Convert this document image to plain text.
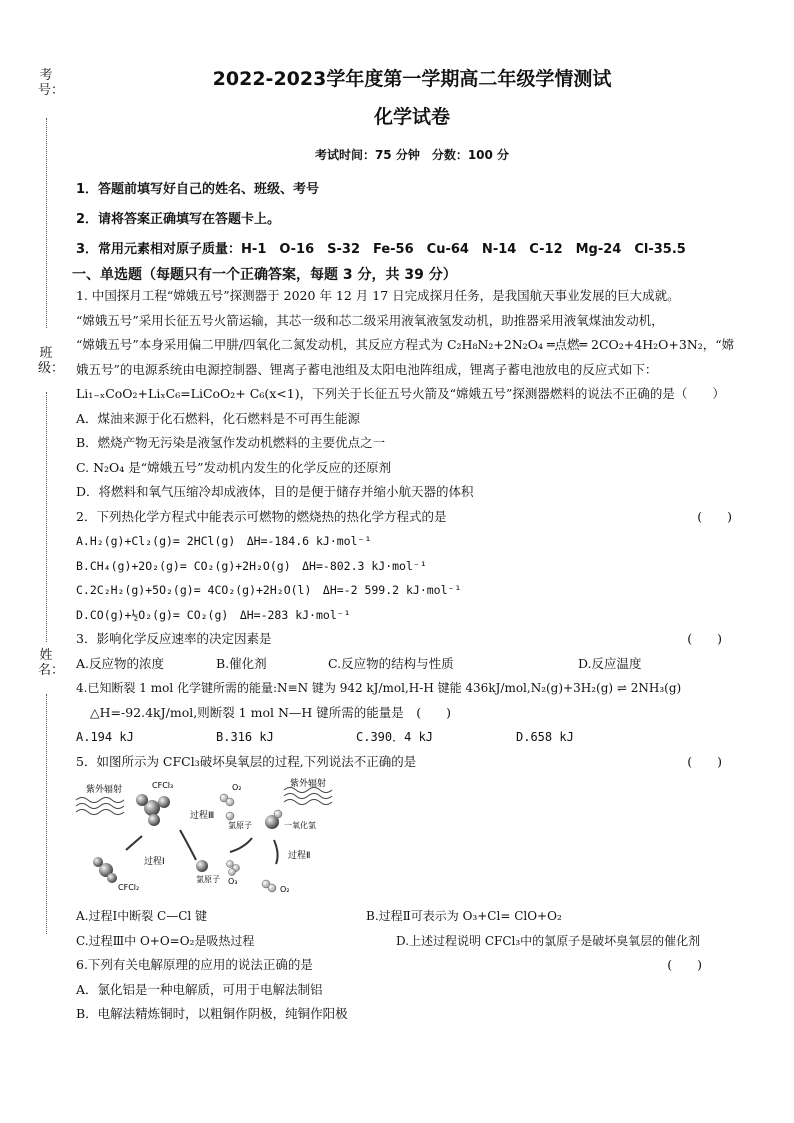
考号：
班级：
姓名：
2022-2023学年度第一学期高二年级学情测试
化学试卷
考试时间：75 分钟　分数：100 分
1．答题前填写好自己的姓名、班级、考号
2．请将答案正确填写在答题卡上。
3．常用元素相对原子质量：H-1　O-16　S-32　Fe-56　Cu-64　N-14　C-12　Mg-24　Cl-35.5
一、单选题（每题只有一个正确答案，每题 3 分，共 39 分）
1. 中国探月工程“嫦娥五号”探测器于 2020 年 12 月 17 日完成探月任务，是我国航天事业发展的巨大成就。
“嫦娥五号”采用长征五号火箭运输，其芯一级和芯二级采用液氧液氢发动机，助推器采用液氧煤油发动机，
“嫦娥五号”本身采用偏二甲肼/四氧化二氮发动机，其反应方程式为 C₂H₈N₂+2N₂O₄ ═点燃═ 2CO₂+4H₂O+3N₂，“嫦
娥五号”的电源系统由电源控制器、锂离子蓄电池组及太阳电池阵组成，锂离子蓄电池放电的反应式如下：
Li₁₋ₓCoO₂+LiₓC₆=LiCoO₂+ C₆(x<1)，下列关于长征五号火箭及“嫦娥五号”探测器燃料的说法不正确的是（　　）
A．煤油来源于化石燃料，化石燃料是不可再生能源
B．燃烧产物无污染是液氢作发动机燃料的主要优点之一
C. N₂O₄ 是“嫦娥五号”发动机内发生的化学反应的还原剂
D．将燃料和氧气压缩冷却成液体，目的是便于储存并缩小航天器的体积
2．下列热化学方程式中能表示可燃物的燃烧热的热化学方程式的是	(　　)
A.H₂(g)+Cl₂(g)= 2HCl(g)　ΔH=-184.6 kJ·mol⁻¹
B.CH₄(g)+2O₂(g)= CO₂(g)+2H₂O(g)　ΔH=-802.3 kJ·mol⁻¹
C.2C₂H₂(g)+5O₂(g)= 4CO₂(g)+2H₂O(l)　ΔH=-2 599.2 kJ·mol⁻¹
D.CO(g)+½O₂(g)= CO₂(g)　ΔH=-283 kJ·mol⁻¹
3．影响化学反应速率的决定因素是	(　　)
A.反应物的浓度	B.催化剂	C.反应物的结构与性质	D.反应温度
4.已知断裂 1 mol 化学键所需的能量:N≡N 键为 942 kJ/mol,H-H 键能 436kJ/mol,N₂(g)+3H₂(g) ⇌ 2NH₃(g)
△H=-92.4kJ/mol,则断裂 1 mol N—H 键所需的能量是　(　　)
A.194 kJ	B.316 kJ	C.390．4 kJ	D.658 kJ
5．如图所示为 CFCl₃破坏臭氧层的过程,下列说法不正确的是	(　　)
紫外辐射
紫外辐射
CFCl₃	O₂
过程Ⅲ
氯原子	一氧化氯
过程Ⅰ
CFCl₂
氯原子 O₃
过程Ⅱ
O₂
A.过程Ⅰ中断裂 C—Cl 键	B.过程Ⅱ可表示为 O₃+Cl= ClO+O₂
C.过程Ⅲ中 O+O=O₂是吸热过程	D.上述过程说明 CFCl₃中的氯原子是破坏臭氧层的催化剂
6.下列有关电解原理的应用的说法正确的是	(　　)
A．氯化铝是一种电解质，可用于电解法制铝
B．电解法精炼铜时，以粗铜作阴极，纯铜作阳极
